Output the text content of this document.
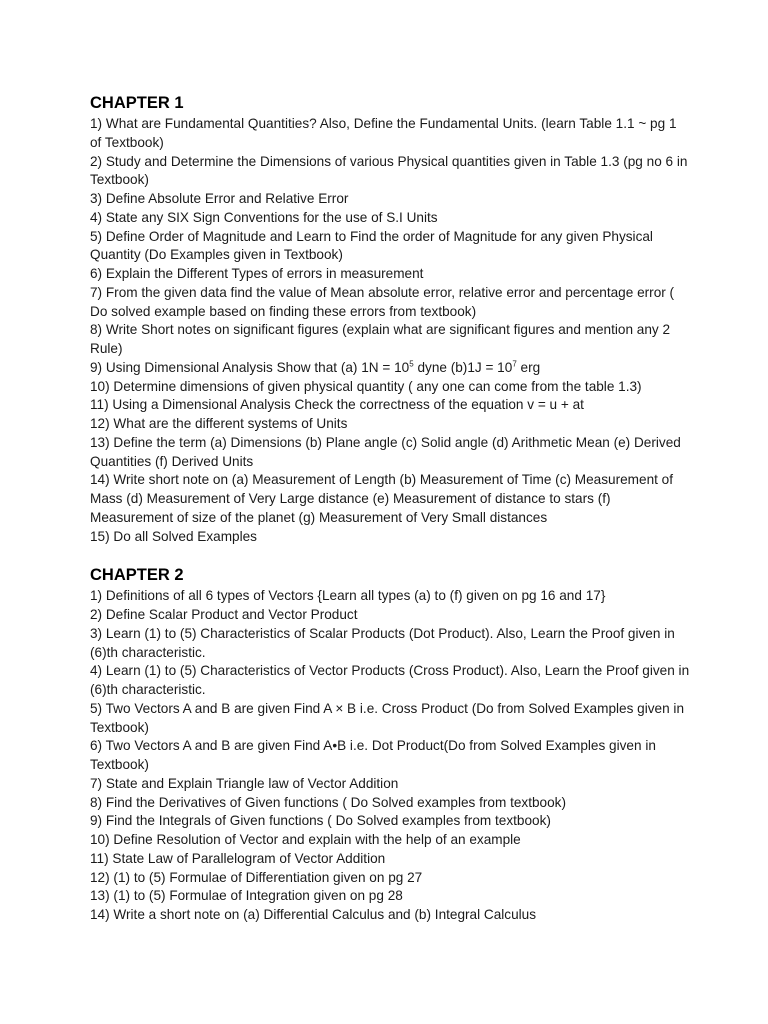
CHAPTER 1

1) What are Fundamental Quantities? Also, Define the Fundamental Units. (learn Table 1.1 ~ pg 1 of Textbook)

2) Study and Determine the Dimensions of various Physical quantities given in Table 1.3 (pg no 6 in Textbook)

3) Define Absolute Error and Relative Error

4) State any SIX Sign Conventions for the use of S.I Units

5) Define Order of Magnitude and Learn to Find the order of Magnitude for any given Physical Quantity (Do Examples given in Textbook)

6) Explain the Different Types of errors in measurement

7) From the given data find the value of Mean absolute error, relative error and percentage error ( Do solved example based on finding these errors from textbook)

8) Write Short notes on significant figures (explain what are significant figures and mention any 2 Rule)

9) Using Dimensional Analysis Show that (a) $1N = 10^5$ dyne $(b)1J = 10^7$ erg

10) Determine dimensions of given physical quantity ( any one can come from the table 1.3)

11) Using a Dimensional Analysis Check the correctness of the equation v = u + at

12) What are the different systems of Units

13) Define the term (a) Dimensions (b) Plane angle (c) Solid angle (d) Arithmetic Mean (e) Derived Quantities (f) Derived Units

14) Write short note on (a) Measurement of Length (b) Measurement of Time (c) Measurement of Mass (d) Measurement of Very Large distance (e) Measurement of distance to stars (f) Measurement of size of the planet (g) Measurement of Very Small distances

15) Do all Solved Examples

CHAPTER 2

1) Definitions of all 6 types of Vectors {Learn all types (a) to (f) given on pg 16 and 17}

2) Define Scalar Product and Vector Product

3) Learn (1) to (5) Characteristics of Scalar Products (Dot Product). Also, Learn the Proof given in (6)th characteristic.

4) Learn (1) to (5) Characteristics of Vector Products (Cross Product). Also, Learn the Proof given in (6)th characteristic.

5) Two Vectors A and B are given Find A × B i.e. Cross Product (Do from Solved Examples given in Textbook)

6) Two Vectors A and B are given Find A•B i.e. Dot Product(Do from Solved Examples given in Textbook)

7) State and Explain Triangle law of Vector Addition

8) Find the Derivatives of Given functions ( Do Solved examples from textbook)

9) Find the Integrals of Given functions ( Do Solved examples from textbook)

10) Define Resolution of Vector and explain with the help of an example

11) State Law of Parallelogram of Vector Addition

12) (1) to (5) Formulae of Differentiation given on pg 27

13) (1) to (5) Formulae of Integration given on pg 28

14) Write a short note on (a) Differential Calculus and (b) Integral Calculus
